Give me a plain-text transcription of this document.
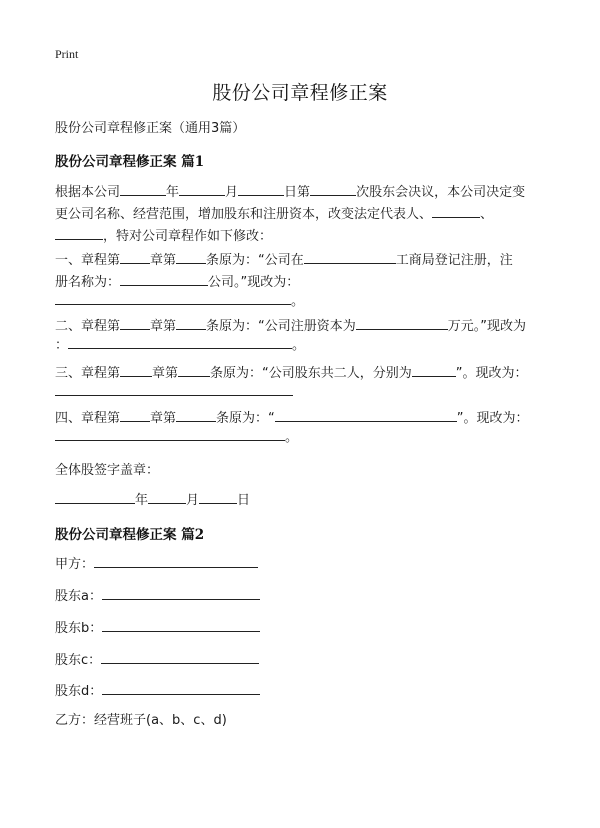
Print
股份公司章程修正案
股份公司章程修正案（通用3篇）
股份公司章程修正案 篇1
根据本公司	年	月	日第	次股东会决议，本公司决定变
更公司名称、经营范围，增加股东和注册资本，改变法定代表人、	、
，特对公司章程作如下修改：
一、章程第 章第 条原为：“公司在	工商局登记注册，注
册名称为：	公司。”现改为：
。
二、章程第 章第 条原为：“公司注册资本为	万元。”现改为
：	。
三、章程第 章第 条原为：“公司股东共二人，分别为	”。现改为：
四、章程第 章第	条原为：“	”。现改为：
。
全体股签字盖章：
年	月	日
股份公司章程修正案 篇2
甲方：
股东a：
股东b：
股东c：
股东d：
乙方：经营班子(a、b、c、d)
